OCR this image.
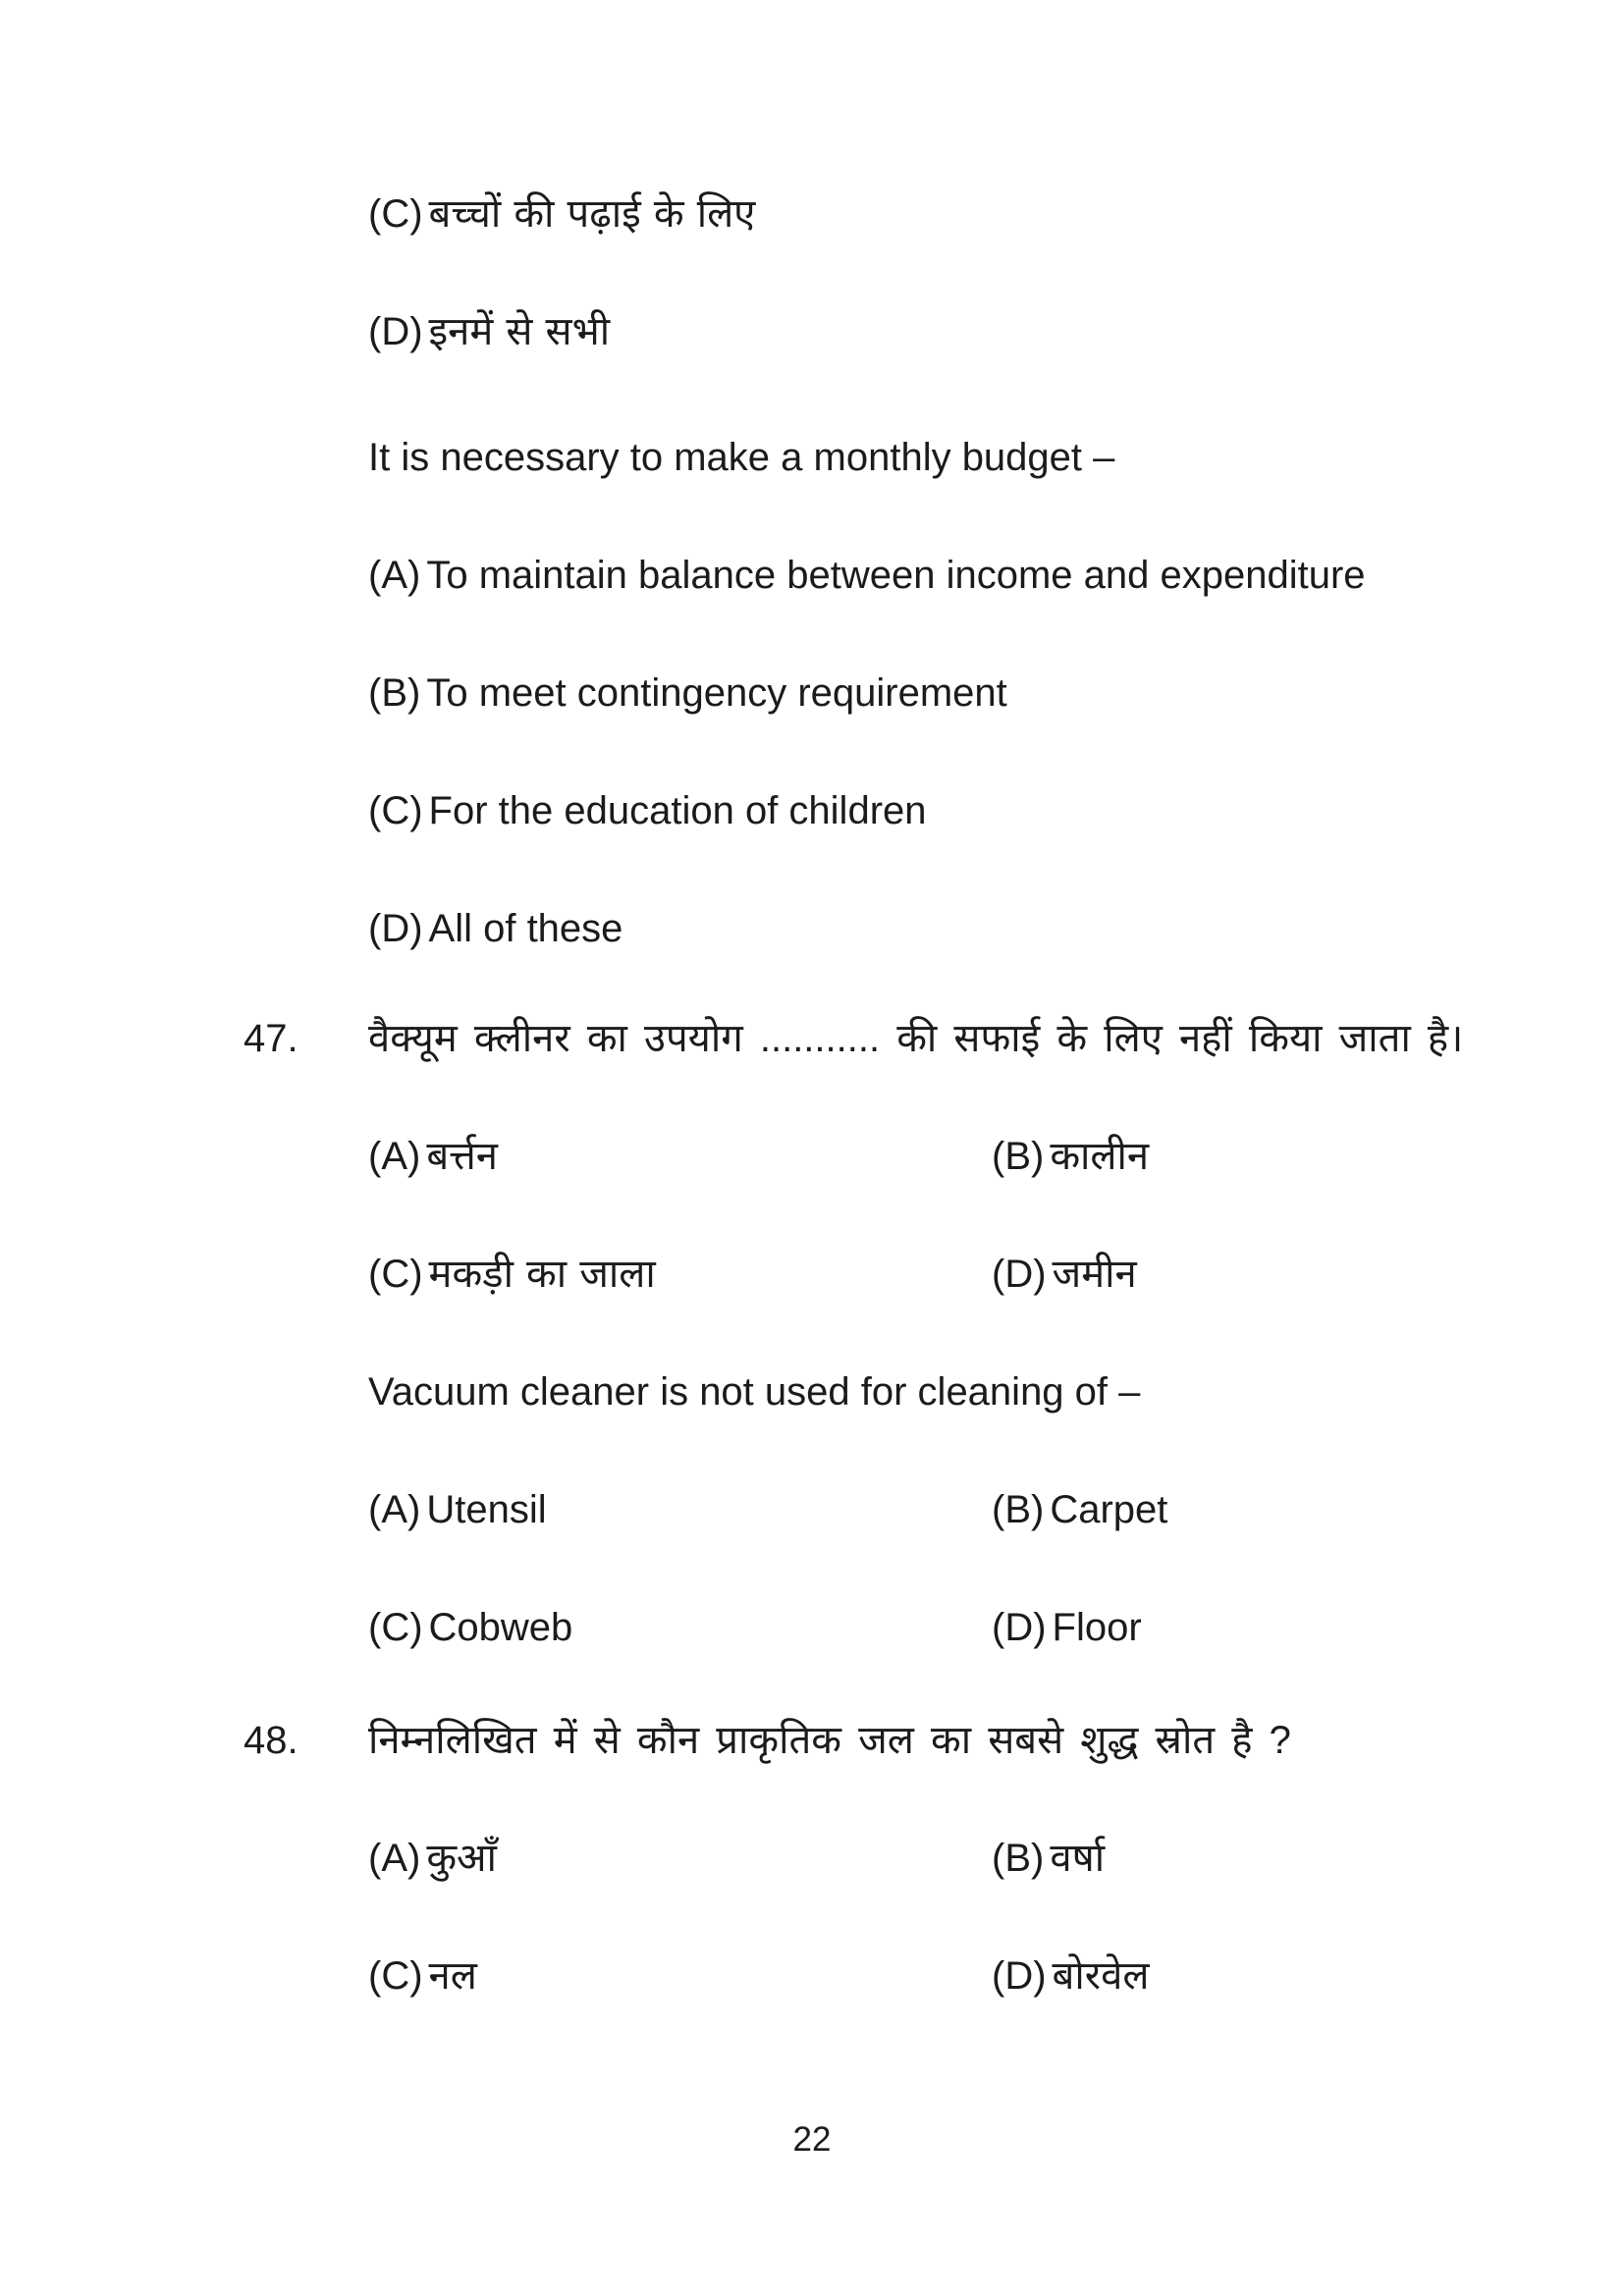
(C) बच्चों की पढ़ाई के लिए
(D) इनमें से सभी
It is necessary to make a monthly budget –
(A) To maintain balance between income and expenditure
(B) To meet contingency requirement
(C) For the education of children
(D) All of these
47. वैक्यूम क्लीनर का उपयोग ........... की सफाई के लिए नहीं किया जाता है।
(A) बर्त्तन	(B) कालीन
(C) मकड़ी का जाला	(D) जमीन
Vacuum cleaner is not used for cleaning of –
(A) Utensil	(B) Carpet
(C) Cobweb	(D) Floor
48. निम्नलिखित में से कौन प्राकृतिक जल का सबसे शुद्ध स्रोत है ?
(A) कुआँ	(B) वर्षा
(C) नल	(D) बोरवेल
22
